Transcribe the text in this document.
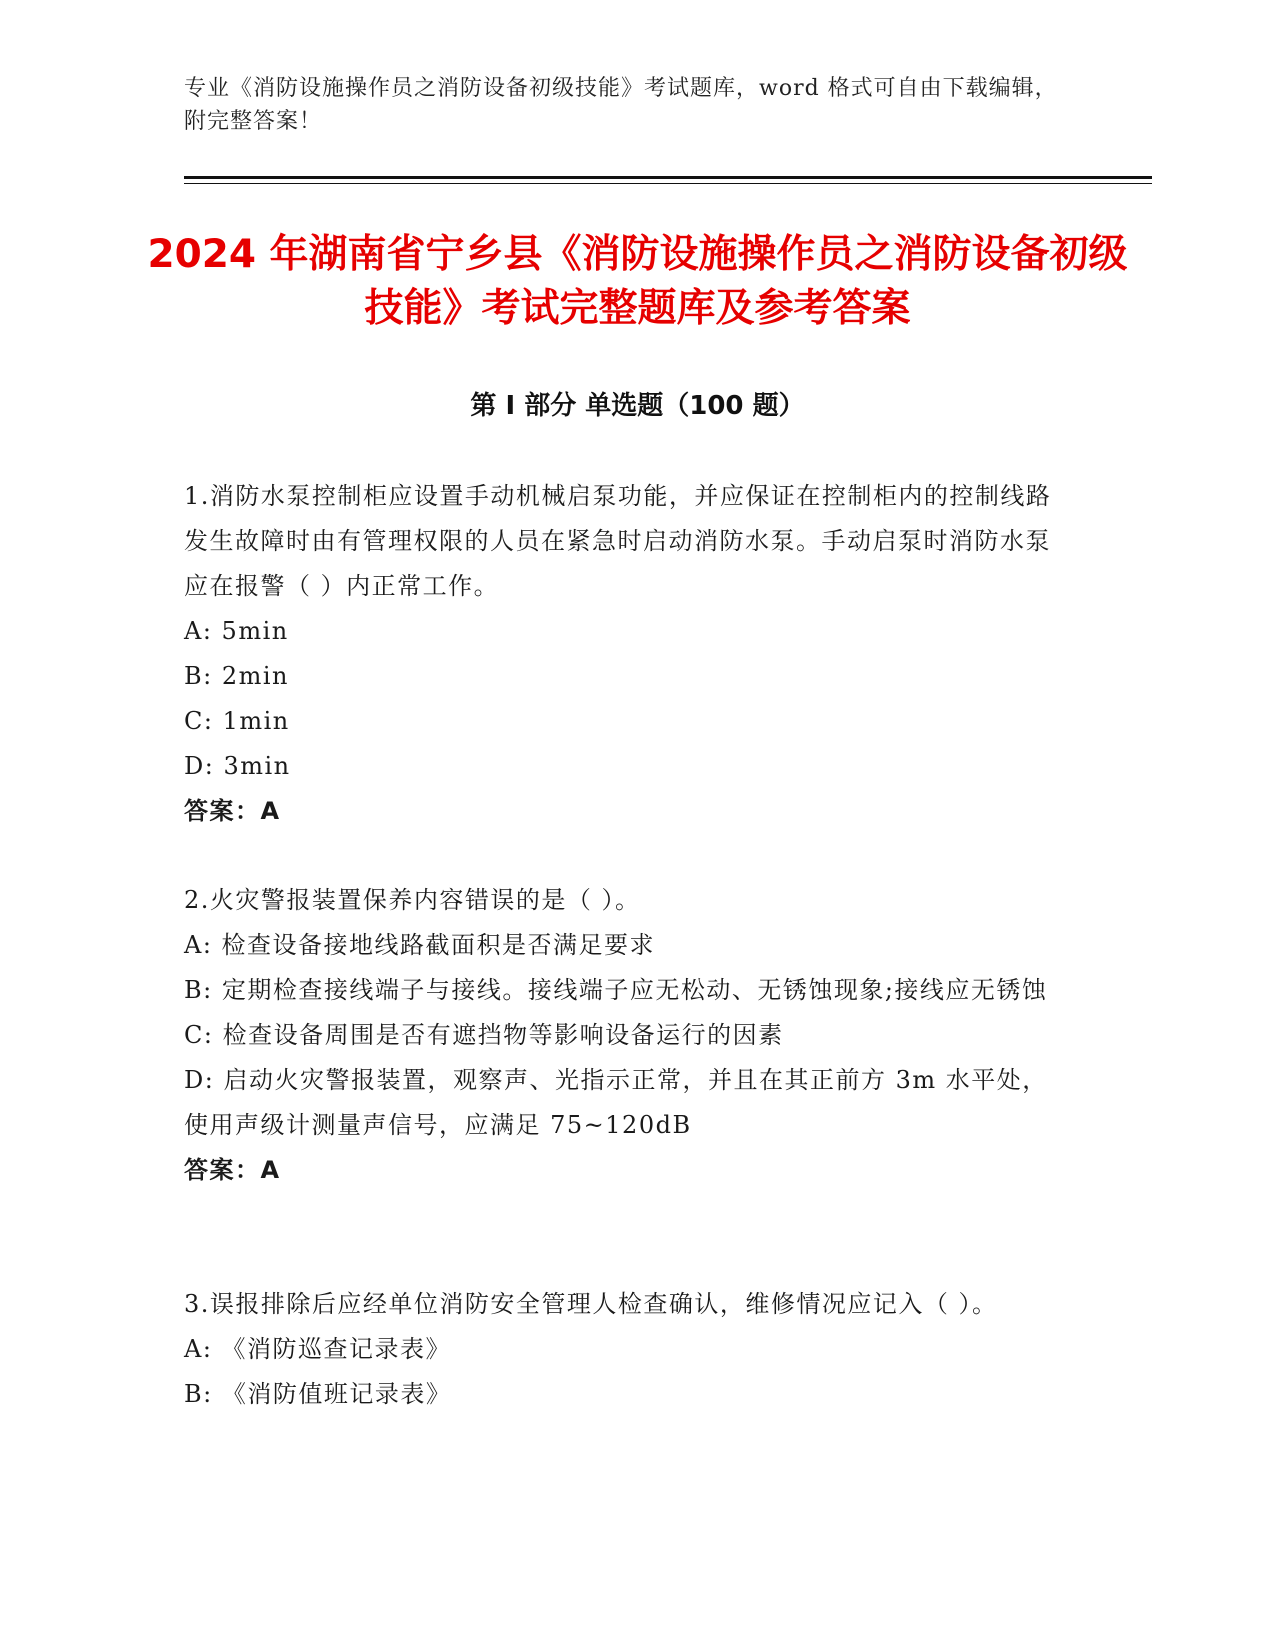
专业《消防设施操作员之消防设备初级技能》考试题库，word 格式可自由下载编辑，附完整答案！
2024 年湖南省宁乡县《消防设施操作员之消防设备初级技能》考试完整题库及参考答案
第 I 部分 单选题（100 题）
1.消防水泵控制柜应设置手动机械启泵功能，并应保证在控制柜内的控制线路发生故障时由有管理权限的人员在紧急时启动消防水泵。手动启泵时消防水泵应在报警（ ）内正常工作。
A: 5min
B: 2min
C: 1min
D: 3min
答案：A
2.火灾警报装置保养内容错误的是（ ）。
A: 检查设备接地线路截面积是否满足要求
B: 定期检查接线端子与接线。接线端子应无松动、无锈蚀现象;接线应无锈蚀
C: 检查设备周围是否有遮挡物等影响设备运行的因素
D: 启动火灾警报装置，观察声、光指示正常，并且在其正前方 3m 水平处，使用声级计测量声信号，应满足 75~120dB
答案：A
3.误报排除后应经单位消防安全管理人检查确认，维修情况应记入（ ）。
A: 《消防巡查记录表》
B: 《消防值班记录表》
